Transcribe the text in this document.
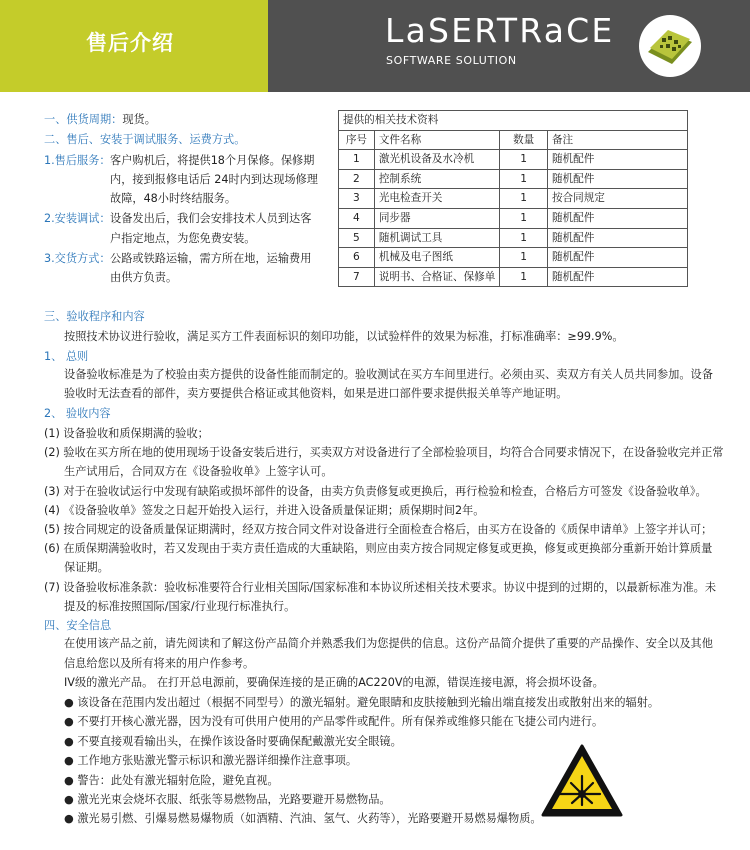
售后介绍	LaSERTRaCE
SOFTWARE SOLUTION
一、供货周期：现货。
二、售后、安装于调试服务、运费方式。
1.售后服务： 客户购机后，将提供18个月保修。保修期
内，接到报修电话后 24时内到达现场修理
故障，48小时终结服务。
2.安装调试： 设备发出后，我们会安排技术人员到达客
户指定地点，为您免费安装。
3.交货方式： 公路或铁路运输，需方所在地，运输费用
由供方负责。
提供的相关技术资料			
序号	文件名称	数量	备注
1	激光机设备及水冷机	1	随机配件
2	控制系统	1	随机配件
3	光电检查开关	1	按合同规定
4	同步器	1	随机配件
5	随机调试工具	1	随机配件
6	机械及电子图纸	1	随机配件
7	说明书、合格证、保修单	1	随机配件
三、验收程序和内容
按照技术协议进行验收，满足买方工件表面标识的刻印功能，以试验样件的效果为标准，打标准确率：≥99.9%。
1、 总则
设备验收标准是为了校验由卖方提供的设备性能而制定的。验收测试在买方车间里进行。必须由买、卖双方有关人员共同参加。设备
验收时无法查看的部件，卖方要提供合格证或其他资料，如果是进口部件要求提供报关单等产地证明。
2、 验收内容
(1) 设备验收和质保期满的验收；
(2) 验收在买方所在地的使用现场于设备安装后进行，买卖双方对设备进行了全部检验项目，均符合合同要求情况下，在设备验收完并正常
生产试用后，合同双方在《设备验收单》上签字认可。
(3) 对于在验收试运行中发现有缺陷或损坏部件的设备，由卖方负责修复或更换后，再行检验和检查，合格后方可签发《设备验收单》。
(4) 《设备验收单》签发之日起开始投入运行，并进入设备质量保证期；质保期时间2年。
(5) 按合同规定的设备质量保证期满时，经双方按合同文件对设备进行全面检查合格后，由买方在设备的《质保申请单》上签字并认可；
(6) 在质保期满验收时，若又发现由于卖方责任造成的大重缺陷，则应由卖方按合同规定修复或更换，修复或更换部分重新开始计算质量
保证期。
(7) 设备验收标准条款：验收标准要符合行业相关国际/国家标准和本协议所述相关技术要求。协议中提到的过期的，以最新标准为准。未
提及的标准按照国际/国家/行业现行标准执行。
四、安全信息
在使用该产品之前，请先阅读和了解这份产品简介并熟悉我们为您提供的信息。这份产品简介提供了重要的产品操作、安全以及其他
信息给您以及所有将来的用户作参考。
IV级的激光产品。 在打开总电源前，要确保连接的是正确的AC220V的电源，错误连接电源，将会损坏设备。
● 该设备在范围内发出超过（根据不同型号）的激光辐射。避免眼睛和皮肤接触到光输出端直接发出或散射出来的辐射。
● 不要打开核心激光器，因为没有可供用户使用的产品零件或配件。所有保养或维修只能在飞捷公司内进行。
● 不要直接观看输出头，在操作该设备时要确保配戴激光安全眼镜。
● 工作地方张贴激光警示标识和激光器详细操作注意事项。
● 警告：此处有激光辐射危险，避免直视。
● 激光光束会烧坏衣服、纸张等易燃物品，光路要避开易燃物品。
● 激光易引燃、引爆易燃易爆物质（如酒精、汽油、氢气、火药等），光路要避开易燃易爆物质。
